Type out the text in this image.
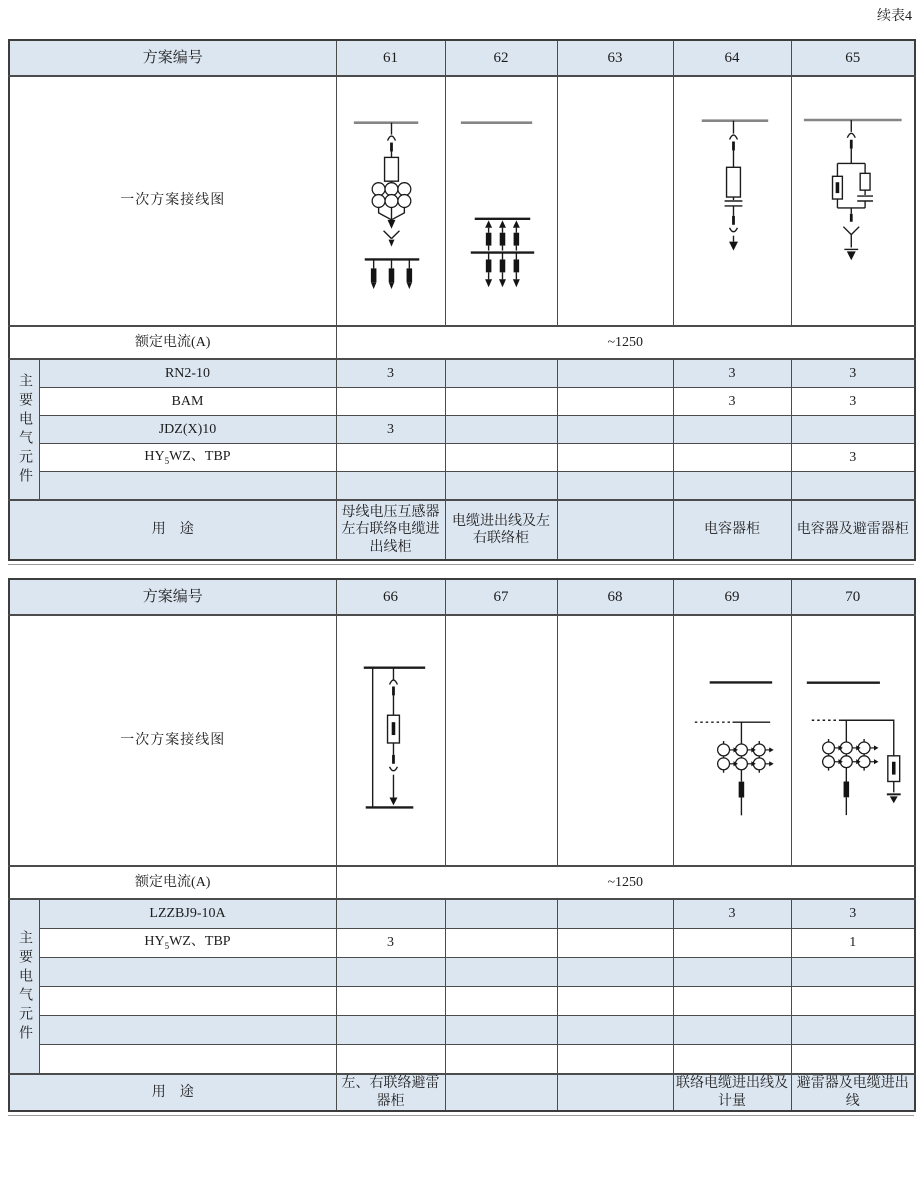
续表4
方案编号		61	62	63	64	65
一次方案接线图	

额定电流(A)		~1250				
主要电气元件	RN2-10	3			3	3
	BAM				3	3
	JDZ(X)10	3				
	$HY_5WZ$、TBP					3

用　途		母线电压互感器左右联络电缆进出线柜	电缆进出线及左右联络柜		电容器柜	电容器及避雷器柜
方案编号		66	67	68	69	70
一次方案接线图	

额定电流(A)		~1250				
主要电气元件	LZZBJ9-10A				3	3
	$HY_5WZ$、TBP	3				1

用　途		左、右联络避雷器柜			联络电缆进出线及计量	避雷器及电缆进出线
